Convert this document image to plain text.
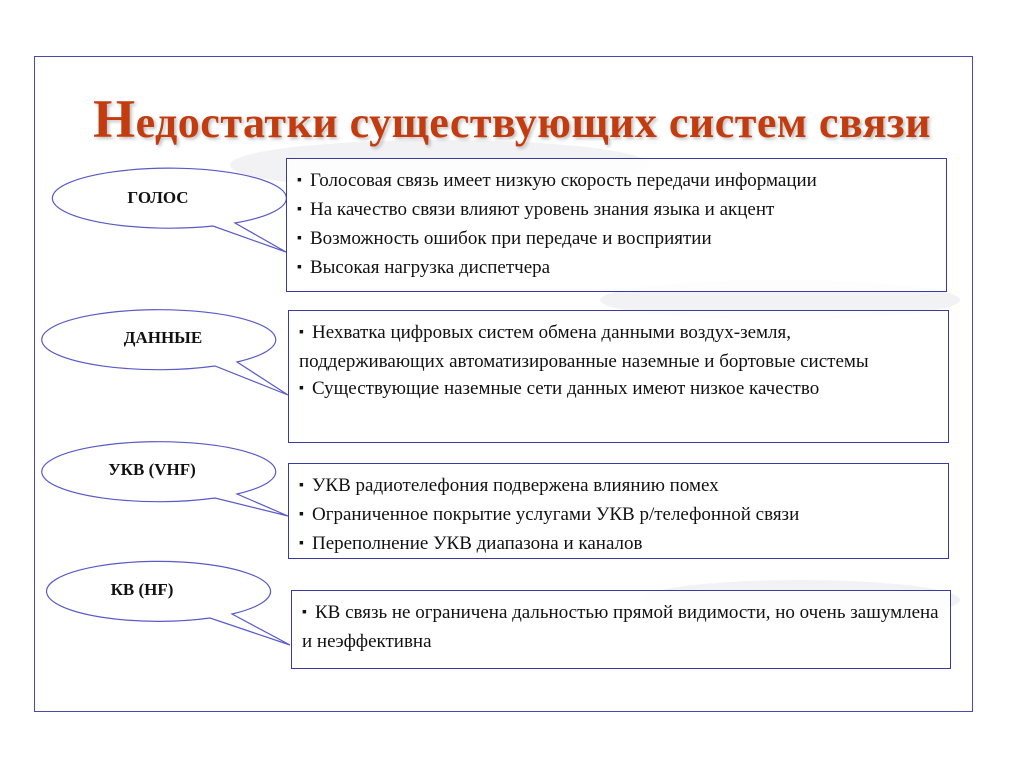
Недостатки существующих систем связи
ГОЛОС
ДАННЫЕ
УКВ (VHF)
КВ (HF)
▪ Голосовая связь имеет низкую скорость передачи информации
▪ На качество связи влияют уровень знания языка и акцент
▪ Возможность ошибок при передаче и восприятии
▪ Высокая нагрузка диспетчера
▪ Нехватка цифровых систем обмена данными воздух-земля, поддерживающих автоматизированные наземные и бортовые системы
▪ Существующие наземные сети данных имеют низкое качество
▪ УКВ радиотелефония подвержена влиянию помех
▪ Ограниченное покрытие услугами УКВ р/телефонной связи
▪ Переполнение УКВ диапазона и каналов
▪ КВ связь не ограничена дальностью прямой видимости, но очень зашумлена и неэффективна
